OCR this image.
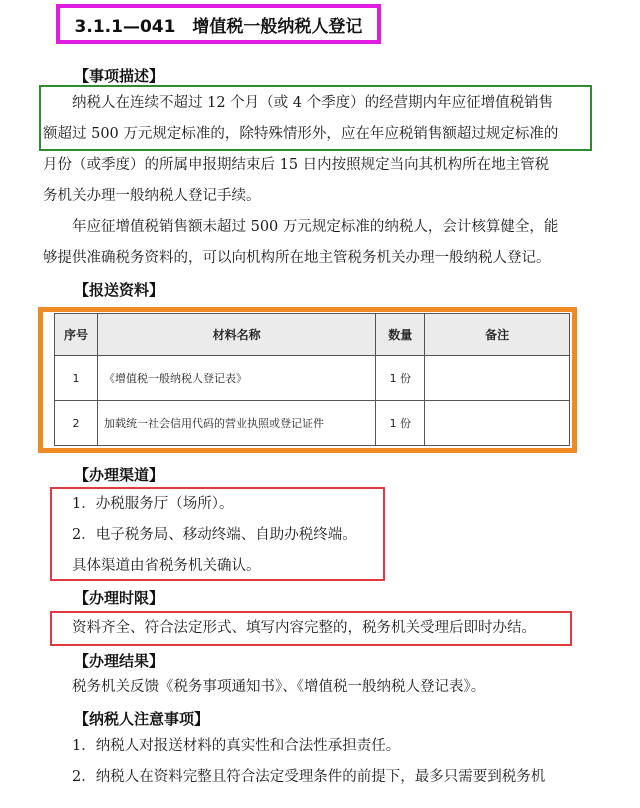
3.1.1—041　增值税一般纳税人登记
【事项描述】

纳税人在连续不超过 12 个月（或 4 个季度）的经营期内年应征增值税销售

额超过 500 万元规定标准的，除特殊情形外，应在年应税销售额超过规定标准的

月份（或季度）的所属申报期结束后 15 日内按照规定当向其机构所在地主管税

务机关办理一般纳税人登记手续。

年应征增值税销售额未超过 500 万元规定标准的纳税人，会计核算健全，能

够提供准确税务资料的，可以向机构所在地主管税务机关办理一般纳税人登记。

【报送资料】
序号	材料名称	数量	备注
1	《增值税一般纳税人登记表》	1 份	
2	加载统一社会信用代码的营业执照或登记证件	1 份	
【办理渠道】

1．办税服务厅（场所）。

2．电子税务局、移动终端、自助办税终端。

具体渠道由省税务机关确认。

【办理时限】
资料齐全、符合法定形式、填写内容完整的，税务机关受理后即时办结。
【办理结果】
税务机关反馈《税务事项通知书》、《增值税一般纳税人登记表》。
【纳税人注意事项】

1．纳税人对报送材料的真实性和合法性承担责任。

2．纳税人在资料完整且符合法定受理条件的前提下，最多只需要到税务机
